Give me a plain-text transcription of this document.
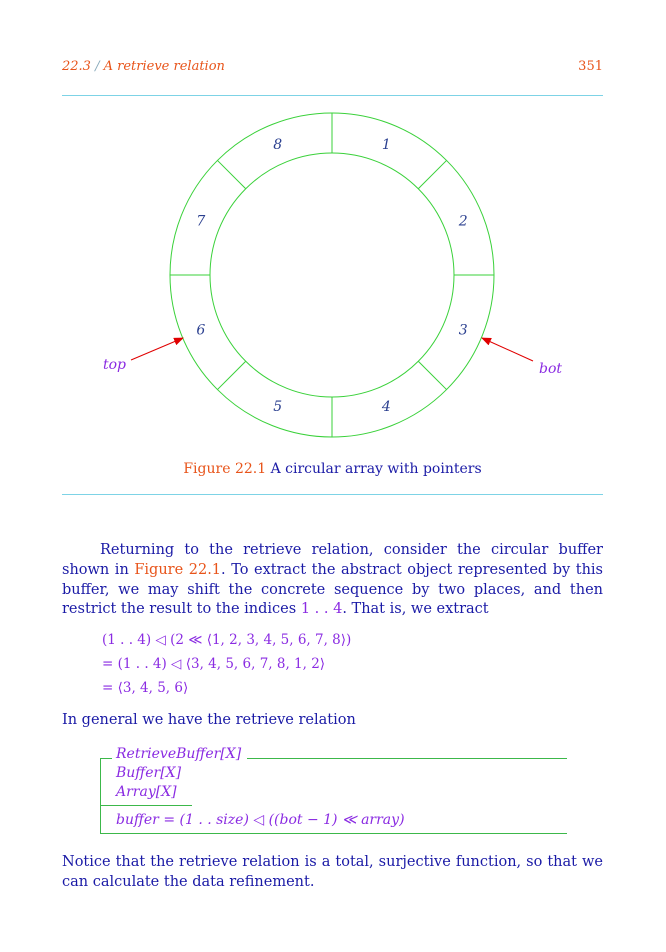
22.3 / A retrieve relation	351
1
2
3
4
5
6
7
8
top	bot
Figure 22.1 A circular array with pointers
Returning to the retrieve relation, consider the circular buffer shown in Figure 22.1. To extract the abstract object represented by this buffer, we may shift the concrete sequence by two places, and then restrict the result to the indices 1 . . 4. That is, we extract
(1 . . 4) ◁ (2 ≪ ⟨1, 2, 3, 4, 5, 6, 7, 8⟩)
= (1 . . 4) ◁ ⟨3, 4, 5, 6, 7, 8, 1, 2⟩
= ⟨3, 4, 5, 6⟩
In general we have the retrieve relation
RetrieveBuffer[X]
Buffer[X]
Array[X]
buffer = (1 . . size) ◁ ((bot − 1) ≪ array)
Notice that the retrieve relation is a total, surjective function, so that we can calculate the data refinement.
